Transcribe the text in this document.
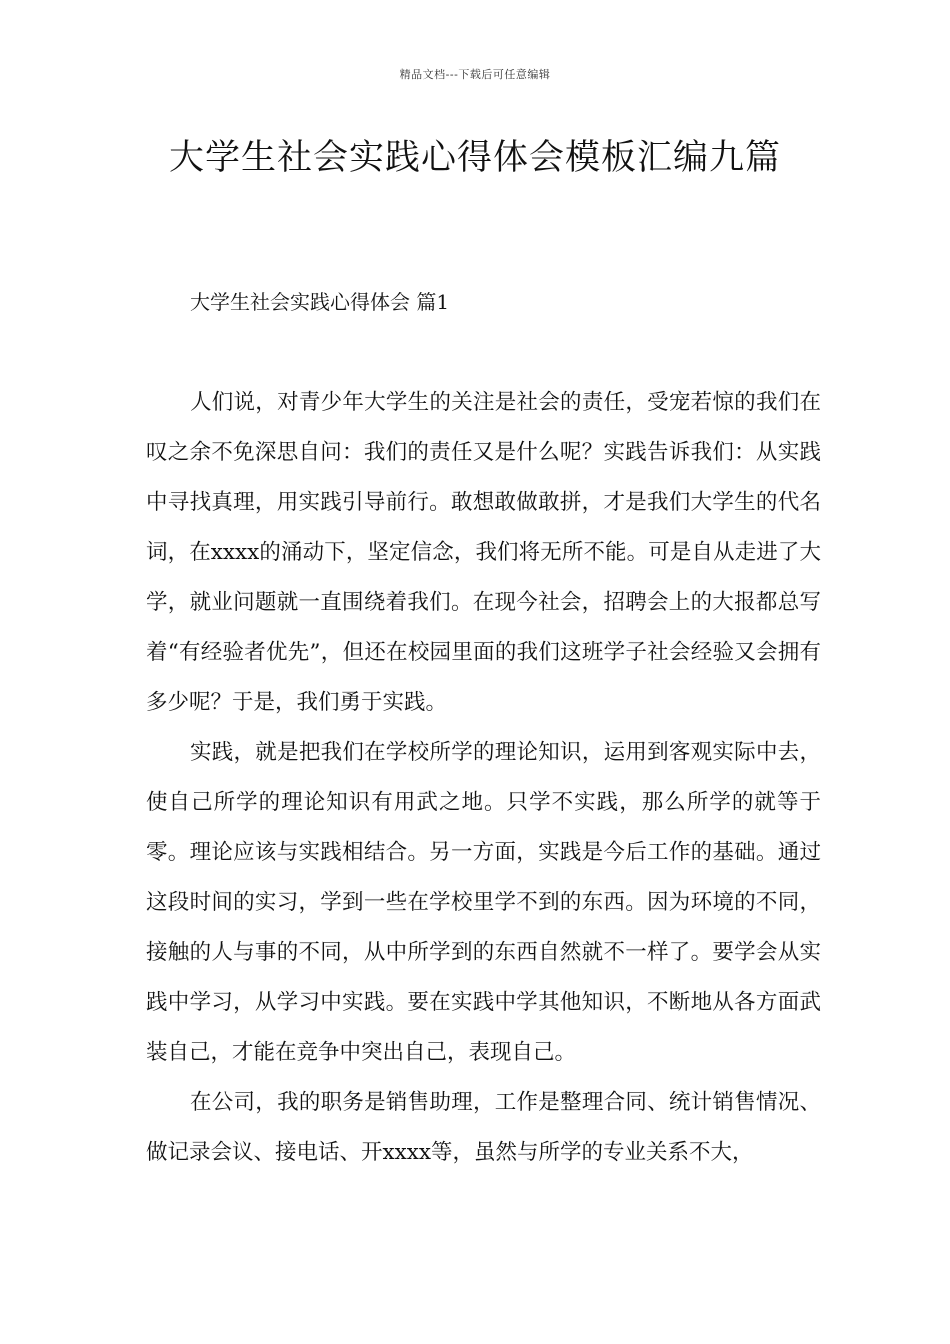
精品文档---下载后可任意编辑
大学生社会实践心得体会模板汇编九篇
大学生社会实践心得体会 篇1

人们说，对青少年大学生的关注是社会的责任，受宠若惊的我们在叹之余不免深思自问：我们的责任又是什么呢？实践告诉我们：从实践中寻找真理，用实践引导前行。敢想敢做敢拼，才是我们大学生的代名词，在xxxx的涌动下，坚定信念，我们将无所不能。可是自从走进了大学，就业问题就一直围绕着我们。在现今社会，招聘会上的大报都总写着“有经验者优先”，但还在校园里面的我们这班学子社会经验又会拥有多少呢？于是，我们勇于实践。

实践，就是把我们在学校所学的理论知识，运用到客观实际中去，使自己所学的理论知识有用武之地。只学不实践，那么所学的就等于零。理论应该与实践相结合。另一方面，实践是今后工作的基础。通过这段时间的实习，学到一些在学校里学不到的东西。因为环境的不同，接触的人与事的不同，从中所学到的东西自然就不一样了。要学会从实践中学习，从学习中实践。要在实践中学其他知识，不断地从各方面武装自己，才能在竞争中突出自己，表现自己。

在公司，我的职务是销售助理，工作是整理合同、统计销售情况、做记录会议、接电话、开xxxx等，虽然与所学的专业关系不大，
